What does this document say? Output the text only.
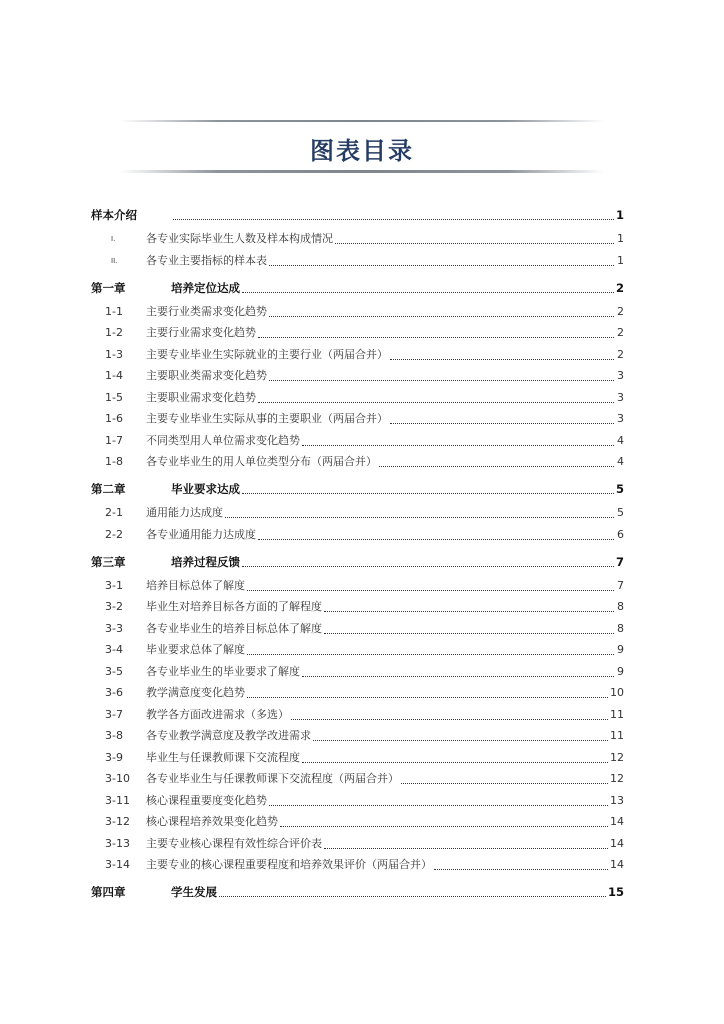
图表目录
样本介绍	1
I.	各专业实际毕业生人数及样本构成情况	1
II.	各专业主要指标的样本表	1
第一章	培养定位达成	2
1-1	主要行业类需求变化趋势	2
1-2	主要行业需求变化趋势	2
1-3	主要专业毕业生实际就业的主要行业（两届合并）	2
1-4	主要职业类需求变化趋势	3
1-5	主要职业需求变化趋势	3
1-6	主要专业毕业生实际从事的主要职业（两届合并）	3
1-7	不同类型用人单位需求变化趋势	4
1-8	各专业毕业生的用人单位类型分布（两届合并）	4
第二章	毕业要求达成	5
2-1	通用能力达成度	5
2-2	各专业通用能力达成度	6
第三章	培养过程反馈	7
3-1	培养目标总体了解度	7
3-2	毕业生对培养目标各方面的了解程度	8
3-3	各专业毕业生的培养目标总体了解度	8
3-4	毕业要求总体了解度	9
3-5	各专业毕业生的毕业要求了解度	9
3-6	教学满意度变化趋势	10
3-7	教学各方面改进需求（多选）	11
3-8	各专业教学满意度及教学改进需求	11
3-9	毕业生与任课教师课下交流程度	12
3-10	各专业毕业生与任课教师课下交流程度（两届合并）	12
3-11	核心课程重要度变化趋势	13
3-12	核心课程培养效果变化趋势	14
3-13	主要专业核心课程有效性综合评价表	14
3-14	主要专业的核心课程重要程度和培养效果评价（两届合并）	14
第四章	学生发展	15
